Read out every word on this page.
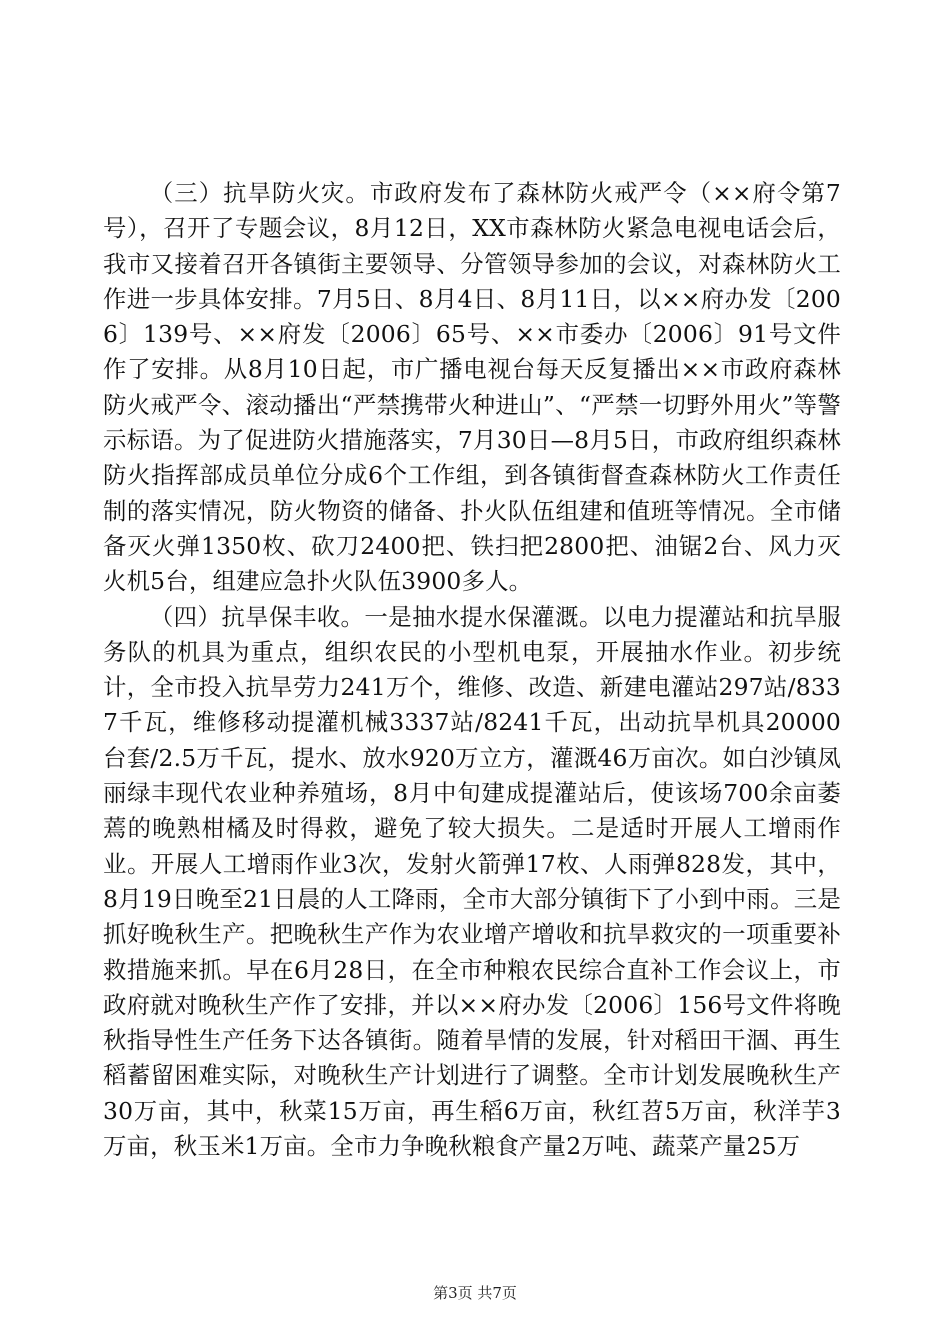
（三）抗旱防火灾。市政府发布了森林防火戒严令（××府令第7号），召开了专题会议，8月12日，XX市森林防火紧急电视电话会后，我市又接着召开各镇街主要领导、分管领导参加的会议，对森林防火工作进一步具体安排。7月5日、8月4日、8月11日，以××府办发〔2006〕139号、××府发〔2006〕65号、××市委办〔2006〕91号文件作了安排。从8月10日起，市广播电视台每天反复播出××市政府森林防火戒严令、滚动播出“严禁携带火种进山”、“严禁一切野外用火”等警示标语。为了促进防火措施落实，7月30日—8月5日，市政府组织森林防火指挥部成员单位分成6个工作组，到各镇街督查森林防火工作责任制的落实情况，防火物资的储备、扑火队伍组建和值班等情况。全市储备灭火弹1350枚、砍刀2400把、铁扫把2800把、油锯2台、风力灭火机5台，组建应急扑火队伍3900多人。

（四）抗旱保丰收。一是抽水提水保灌溉。以电力提灌站和抗旱服务队的机具为重点，组织农民的小型机电泵，开展抽水作业。初步统计，全市投入抗旱劳力241万个，维修、改造、新建电灌站297站/8337千瓦，维修移动提灌机械3337站/8241千瓦，出动抗旱机具20000台套/2.5万千瓦，提水、放水920万立方，灌溉46万亩次。如白沙镇凤丽绿丰现代农业种养殖场，8月中旬建成提灌站后，使该场700余亩萎蔫的晚熟柑橘及时得救，避免了较大损失。二是适时开展人工增雨作业。开展人工增雨作业3次，发射火箭弹17枚、人雨弹828发，其中，8月19日晚至21日晨的人工降雨，全市大部分镇街下了小到中雨。三是抓好晚秋生产。把晚秋生产作为农业增产增收和抗旱救灾的一项重要补救措施来抓。早在6月28日，在全市种粮农民综合直补工作会议上，市政府就对晚秋生产作了安排，并以××府办发〔2006〕156号文件将晚秋指导性生产任务下达各镇街。随着旱情的发展，针对稻田干涸、再生稻蓄留困难实际，对晚秋生产计划进行了调整。全市计划发展晚秋生产30万亩，其中，秋菜15万亩，再生稻6万亩，秋红苕5万亩，秋洋芋3万亩，秋玉米1万亩。全市力争晚秋粮食产量2万吨、蔬菜产量25万

第3页 共7页
